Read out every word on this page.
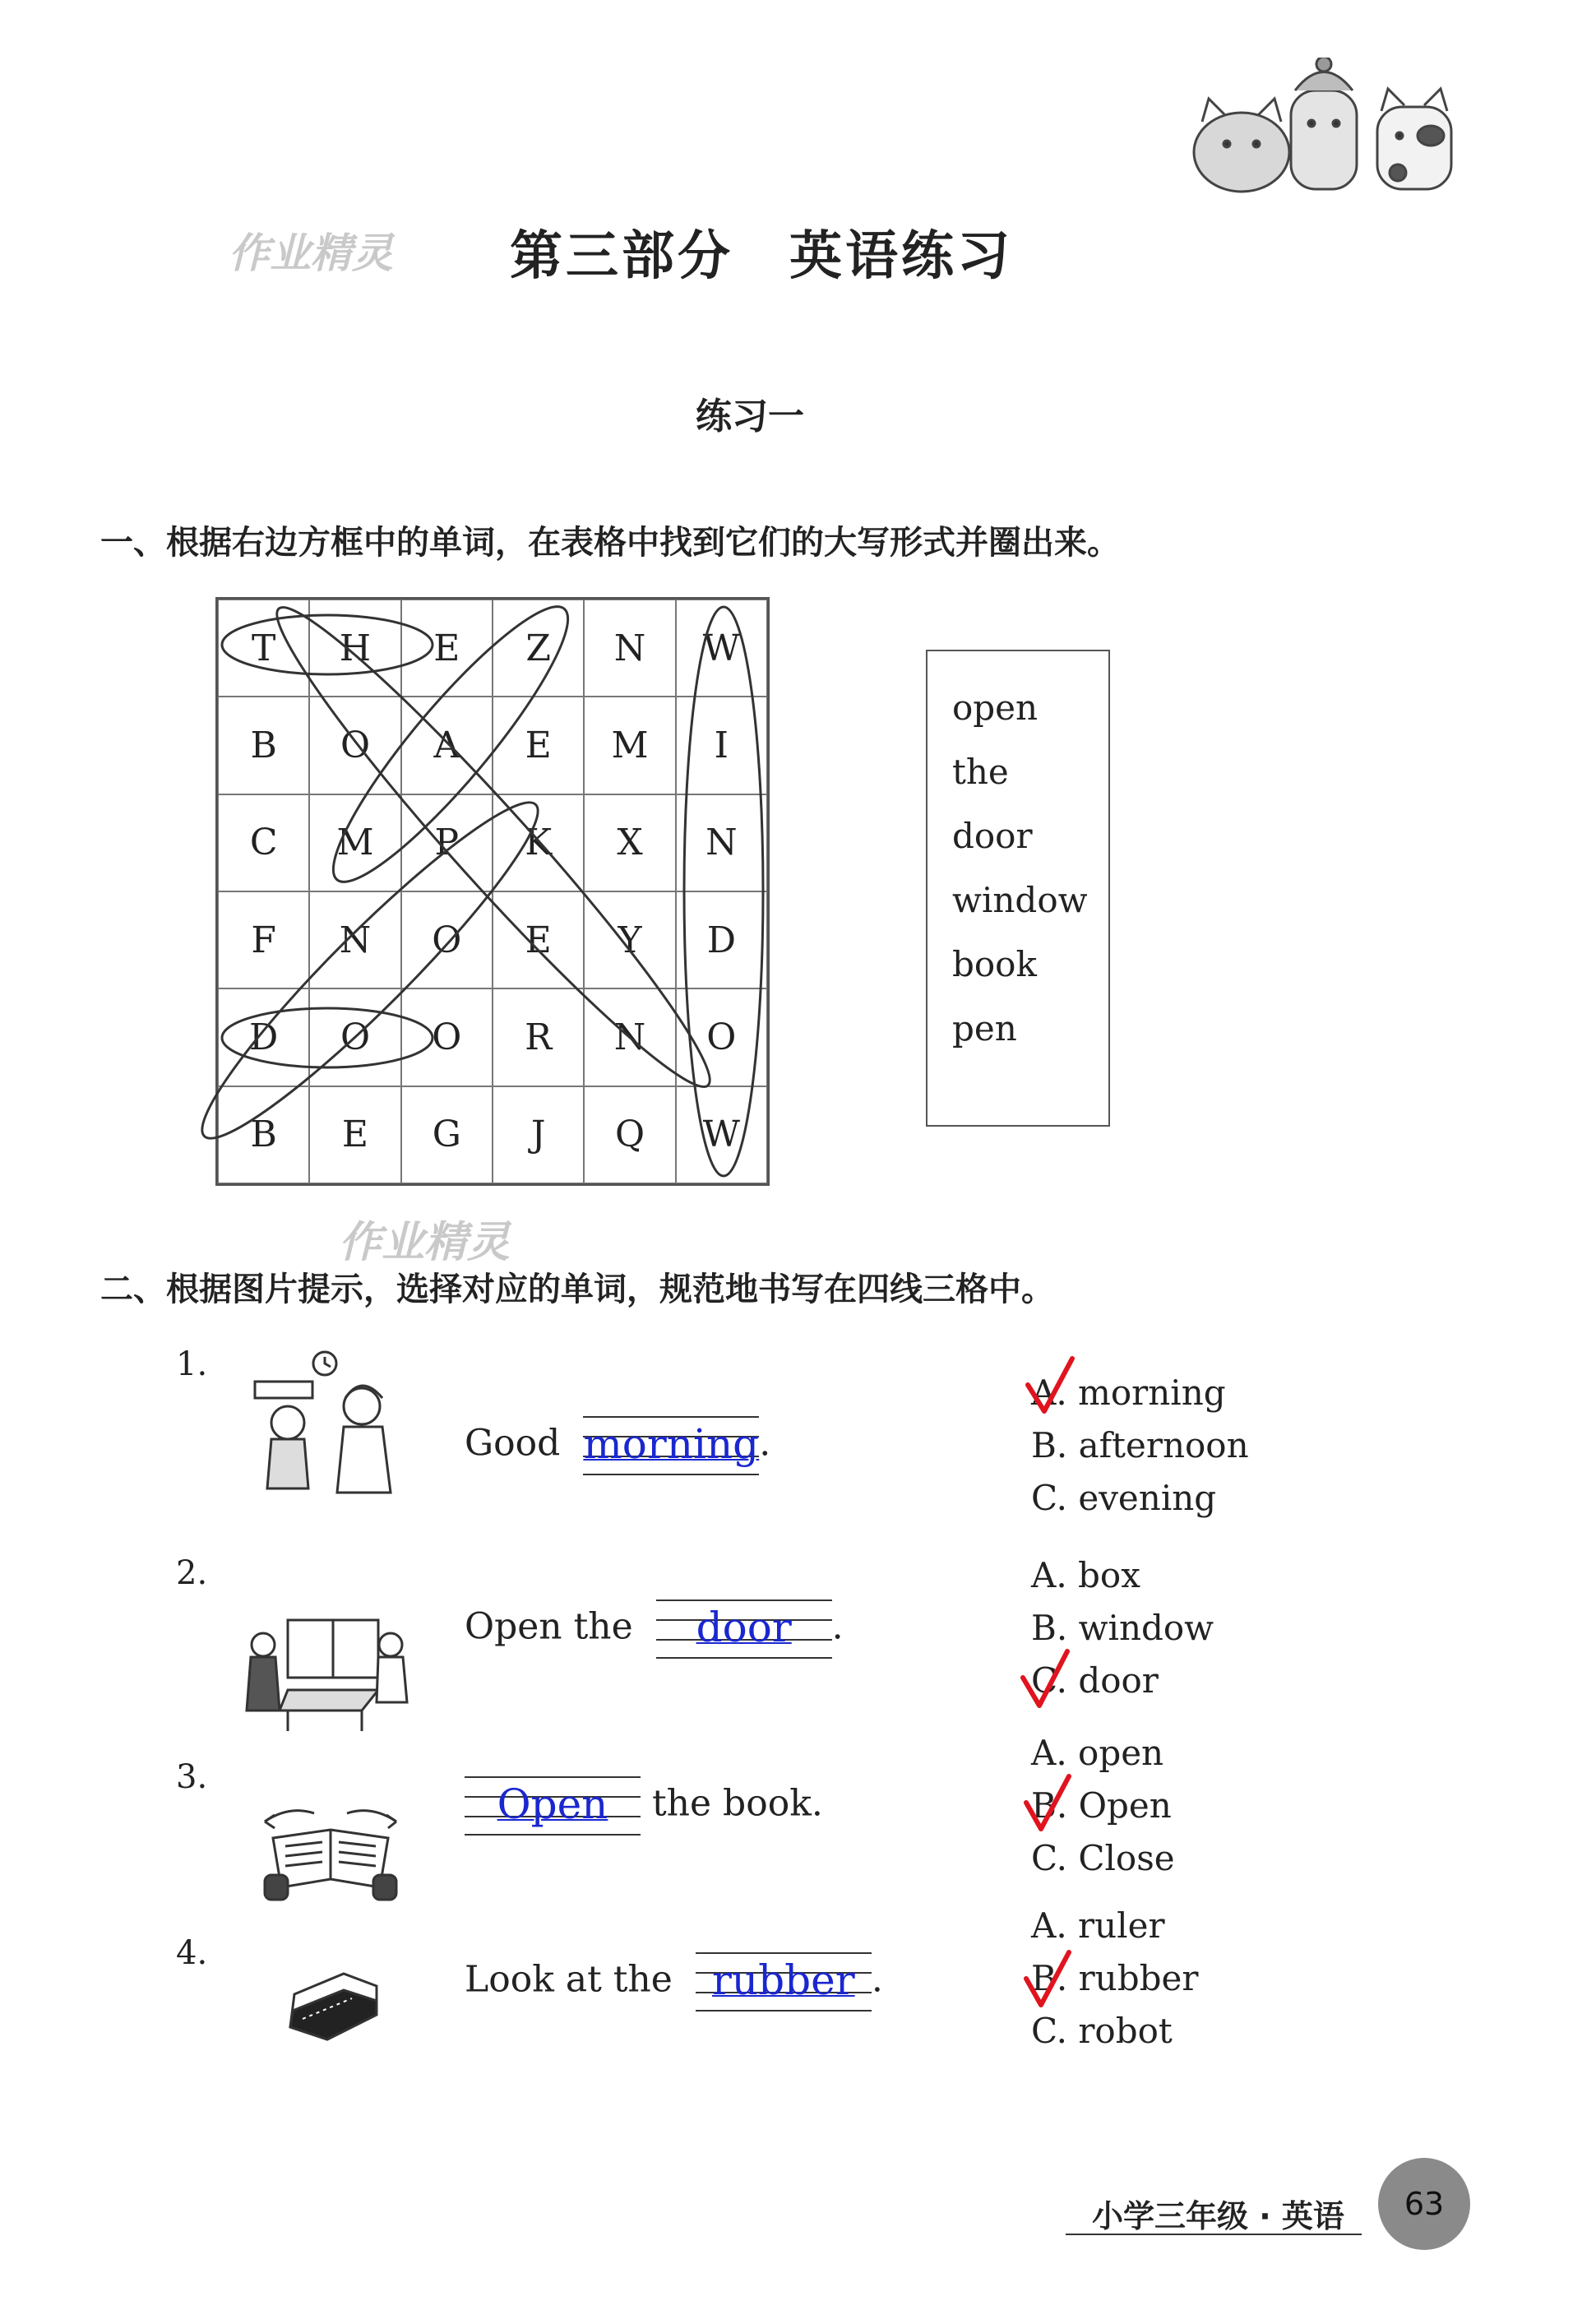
作业精灵 第三部分　英语练习
练习一
一、根据右边方框中的单词，在表格中找到它们的大写形式并圈出来。
T	H	E	Z	N	W
B	O	A	E	M	I
C	M	P	K	X	N
F	N	O	E	Y	D
D	O	O	R	N	O
B	E	G	J	Q	W
open
the
door
window
book
pen
作业精灵
二、根据图片提示，选择对应的单词，规范地书写在四线三格中。
1.
Good morning.
A. morning
B. afternoon
C. evening
2.
Open the door .
A. box
B. window
C. door
3.
Open the book.
A. open
B. Open
C. Close
4.
Look at the rubber .
A. ruler
B. rubber
C. robot
小学三年级 · 英语	63
